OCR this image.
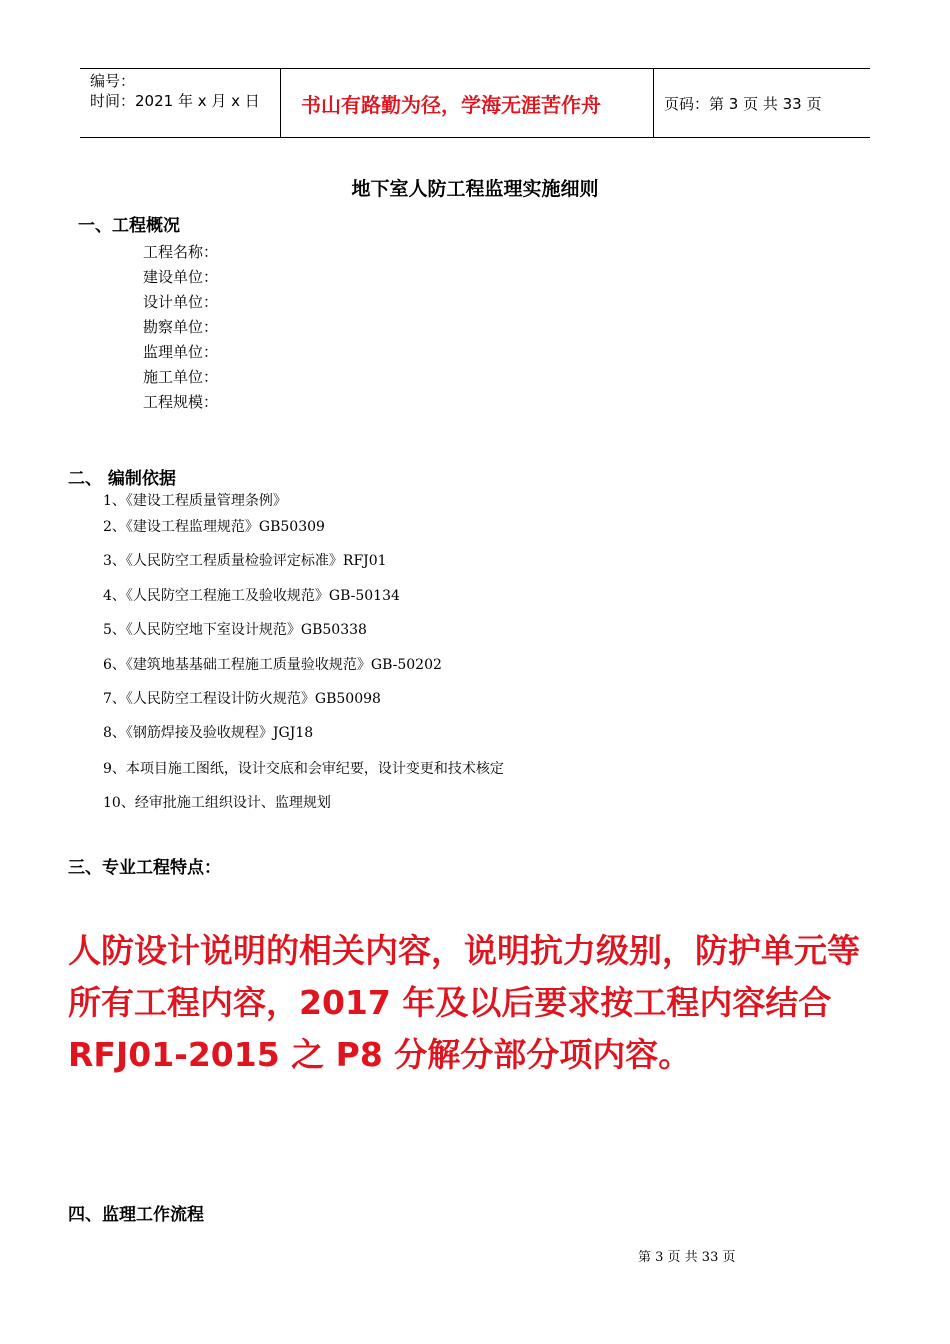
编号：
时间：2021 年 x 月 x 日	书山有路勤为径，学海无涯苦作舟	页码：第 3 页 共 33 页
地下室人防工程监理实施细则
一、工程概况
工程名称：
建设单位：
设计单位：
勘察单位：
监理单位：
施工单位：
工程规模：
二、 编制依据
1、《建设工程质量管理条例》
2、《建设工程监理规范》GB50309
3、《人民防空工程质量检验评定标准》RFJ01
4、《人民防空工程施工及验收规范》GB-50134
5、《人民防空地下室设计规范》GB50338
6、《建筑地基基础工程施工质量验收规范》GB-50202
7、《人民防空工程设计防火规范》GB50098
8、《钢筋焊接及验收规程》JGJ18
9、本项目施工图纸，设计交底和会审纪要，设计变更和技术核定
10、经审批施工组织设计、监理规划
三、专业工程特点：
人防设计说明的相关内容，说明抗力级别，防护单元等所有工程内容，2017 年及以后要求按工程内容结合 RFJ01-2015 之 P8 分解分部分项内容。
四、监理工作流程
第 3 页 共 33 页
